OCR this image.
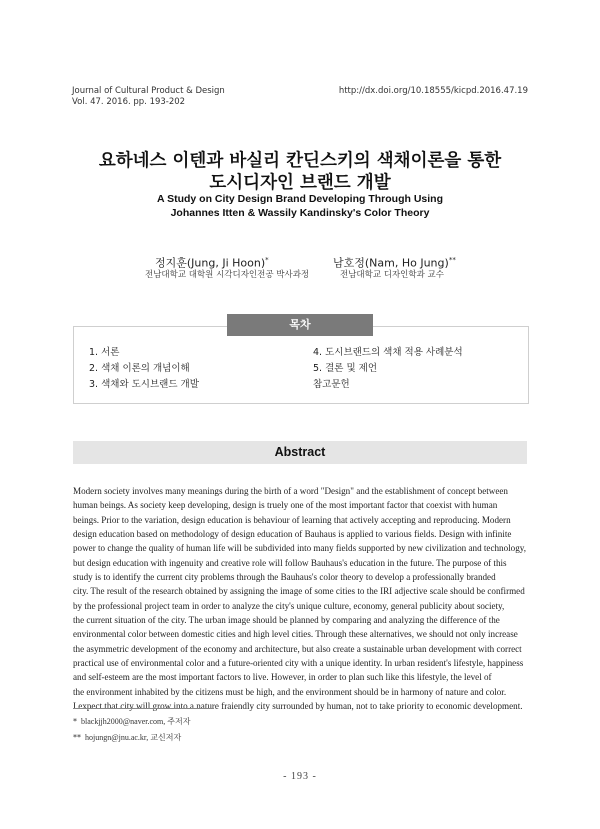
Journal of Cultural Product & Design
Vol. 47. 2016. pp. 193-202
http://dx.doi.org/10.18555/kicpd.2016.47.19
요하네스 이텐과 바실리 칸딘스키의 색채이론을 통한
도시디자인 브랜드 개발
A Study on City Design Brand Developing Through Using
Johannes Itten & Wassily Kandinsky's Color Theory
정지훈(Jung, Ji Hoon)*
전남대학교 대학원 시각디자인전공 박사과정
남호정(Nam, Ho Jung)**
전남대학교 디자인학과 교수
목차
1. 서론
2. 색채 이론의 개념이해
3. 색채와 도시브랜드 개발
4. 도시브랜드의 색채 적용 사례분석
5. 결론 및 제언
참고문헌
Abstract
Modern society involves many meanings during the birth of a word "Design" and the establishment of concept between
human beings. As society keep developing, design is truely one of the most important factor that coexist with human
beings. Prior to the variation, design education is behaviour of learning that actively accepting and reproducing. Modern
design education based on methodology of design education of Bauhaus is applied to various fields. Design with infinite
power to change the quality of human life will be subdivided into many fields supported by new civilization and technology,
but design education with ingenuity and creative role will follow Bauhaus's education in the future. The purpose of this
study is to identify the current city problems through the Bauhaus's color theory to develop a professionally branded
city. The result of the research obtained by assigning the image of some cities to the IRI adjective scale should be confirmed
by the professional project team in order to analyze the city's unique culture, economy, general publicity about society,
the current situation of the city. The urban image should be planned by comparing and analyzing the difference of the
environmental color between domestic cities and high level cities. Through these alternatives, we should not only increase
the asymmetric development of the economy and architecture, but also create a sustainable urban development with correct
practical use of environmental color and a future-oriented city with a unique identity. In urban resident's lifestyle, happiness
and self-esteem are the most important factors to live. However, in order to plan such like this lifestyle, the level of
the environment inhabited by the citizens must be high, and the environment should be in harmony of nature and color.
I expect that city will grow into a nature fraiendly city surrounded by human, not to take priority to economic development.
* blackjjh2000@naver.com, 주저자
** hojungn@jnu.ac.kr, 교신저자
- 193 -
